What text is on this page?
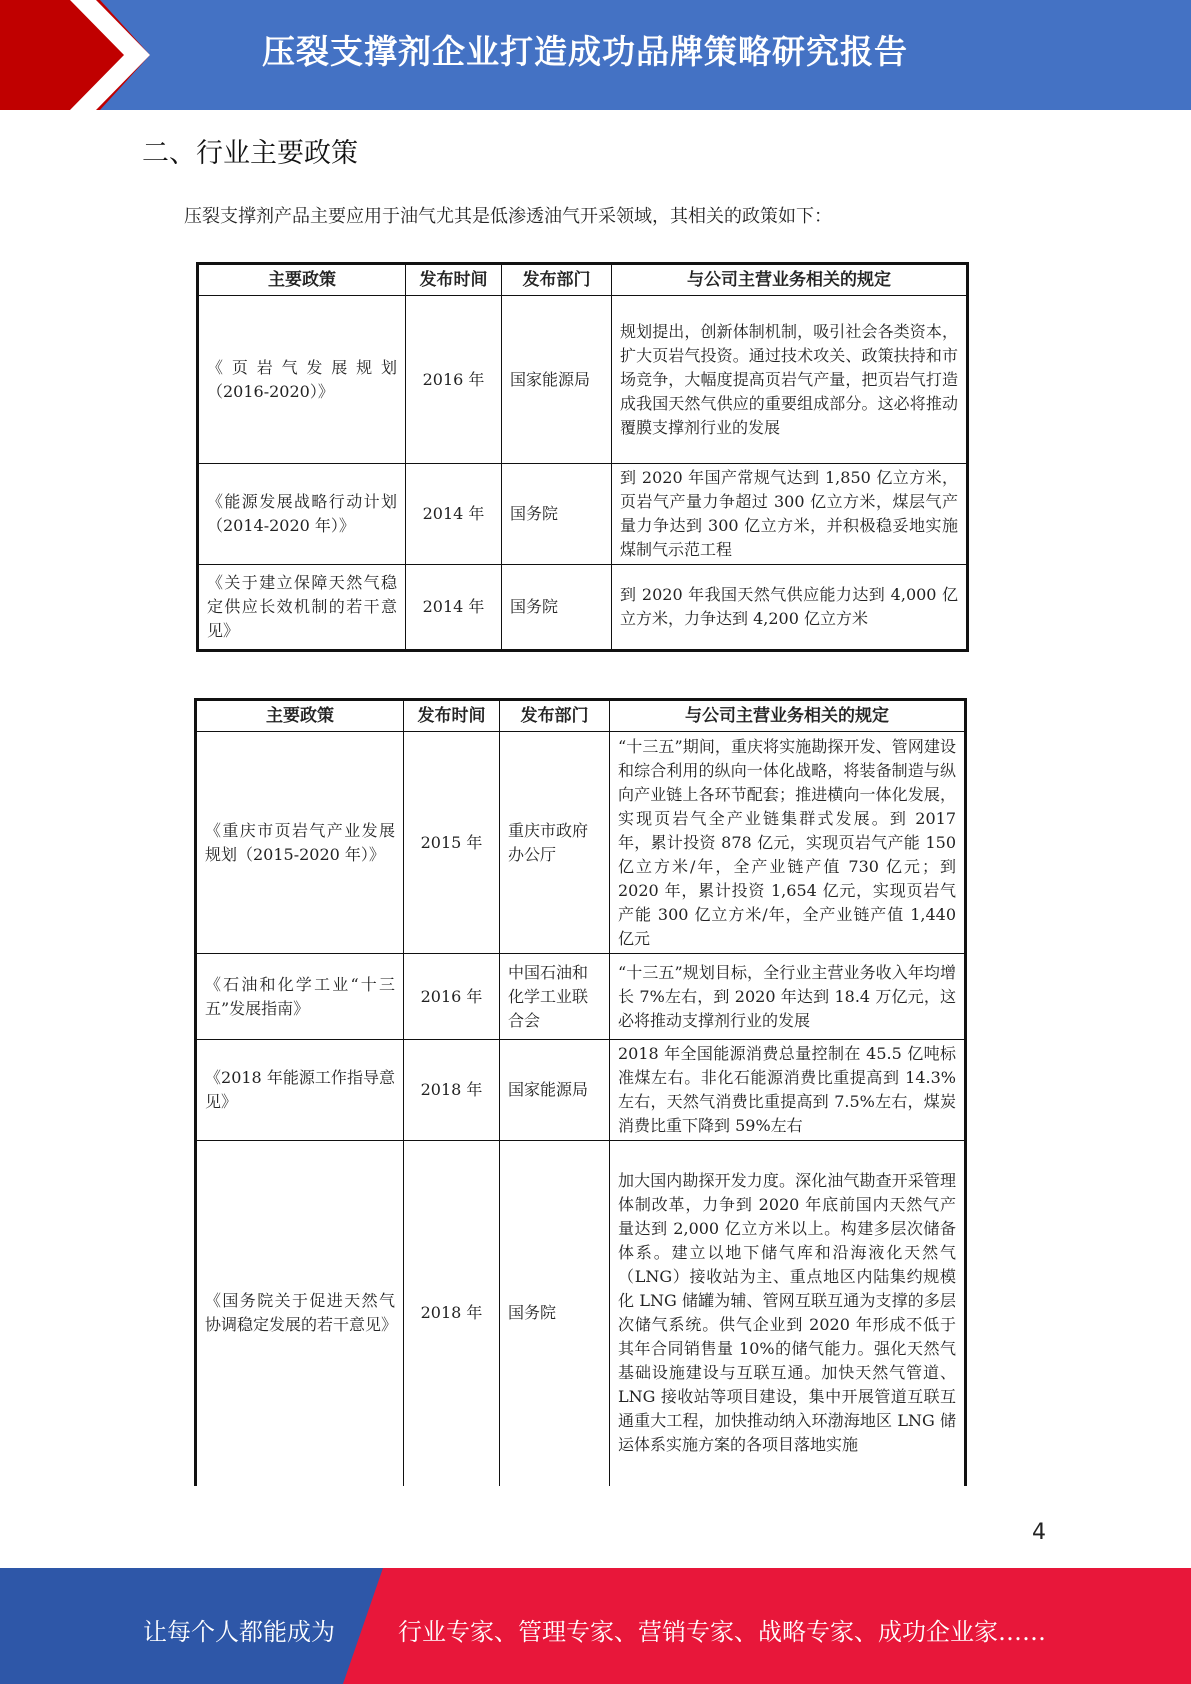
压裂支撑剂企业打造成功品牌策略研究报告
二、行业主要政策
压裂支撑剂产品主要应用于油气尤其是低渗透油气开采领域，其相关的政策如下：
主要政策	发布时间	发布部门	与公司主营业务相关的规定
《页岩气发展规划（2016-2020）》	2016 年	国家能源局	规划提出，创新体制机制，吸引社会各类资本，扩大页岩气投资。通过技术攻关、政策扶持和市场竞争，大幅度提高页岩气产量，把页岩气打造成我国天然气供应的重要组成部分。这必将推动覆膜支撑剂行业的发展
《能源发展战略行动计划（2014-2020 年）》	2014 年	国务院	到 2020 年国产常规气达到 1,850 亿立方米，页岩气产量力争超过 300 亿立方米，煤层气产量力争达到 300 亿立方米，并积极稳妥地实施煤制气示范工程
《关于建立保障天然气稳定供应长效机制的若干意见》	2014 年	国务院	到 2020 年我国天然气供应能力达到 4,000 亿立方米，力争达到 4,200 亿立方米
主要政策	发布时间	发布部门	与公司主营业务相关的规定
《重庆市页岩气产业发展规划（2015-2020 年）》	2015 年	重庆市政府办公厅	“十三五”期间，重庆将实施勘探开发、管网建设和综合利用的纵向一体化战略，将装备制造与纵向产业链上各环节配套；推进横向一体化发展，实现页岩气全产业链集群式发展。到 2017 年，累计投资 878 亿元，实现页岩气产能 150 亿立方米/年，全产业链产值 730 亿元；到 2020 年，累计投资 1,654 亿元，实现页岩气产能 300 亿立方米/年，全产业链产值 1,440 亿元
《石油和化学工业“十三五”发展指南》	2016 年	中国石油和化学工业联合会	“十三五”规划目标，全行业主营业务收入年均增长 7%左右，到 2020 年达到 18.4 万亿元，这必将推动支撑剂行业的发展
《2018 年能源工作指导意见》	2018 年	国家能源局	2018 年全国能源消费总量控制在 45.5 亿吨标准煤左右。非化石能源消费比重提高到 14.3%左右，天然气消费比重提高到 7.5%左右，煤炭消费比重下降到 59%左右
《国务院关于促进天然气协调稳定发展的若干意见》	2018 年	国务院	加大国内勘探开发力度。深化油气勘查开采管理体制改革，力争到 2020 年底前国内天然气产量达到 2,000 亿立方米以上。构建多层次储备体系。建立以地下储气库和沿海液化天然气（LNG）接收站为主、重点地区内陆集约规模化 LNG 储罐为辅、管网互联互通为支撑的多层次储气系统。供气企业到 2020 年形成不低于其年合同销售量 10%的储气能力。强化天然气基础设施建设与互联互通。加快天然气管道、LNG 接收站等项目建设，集中开展管道互联互通重大工程，加快推动纳入环渤海地区 LNG 储运体系实施方案的各项目落地实施
4
让每个人都能成为	行业专家、管理专家、营销专家、战略专家、成功企业家……
